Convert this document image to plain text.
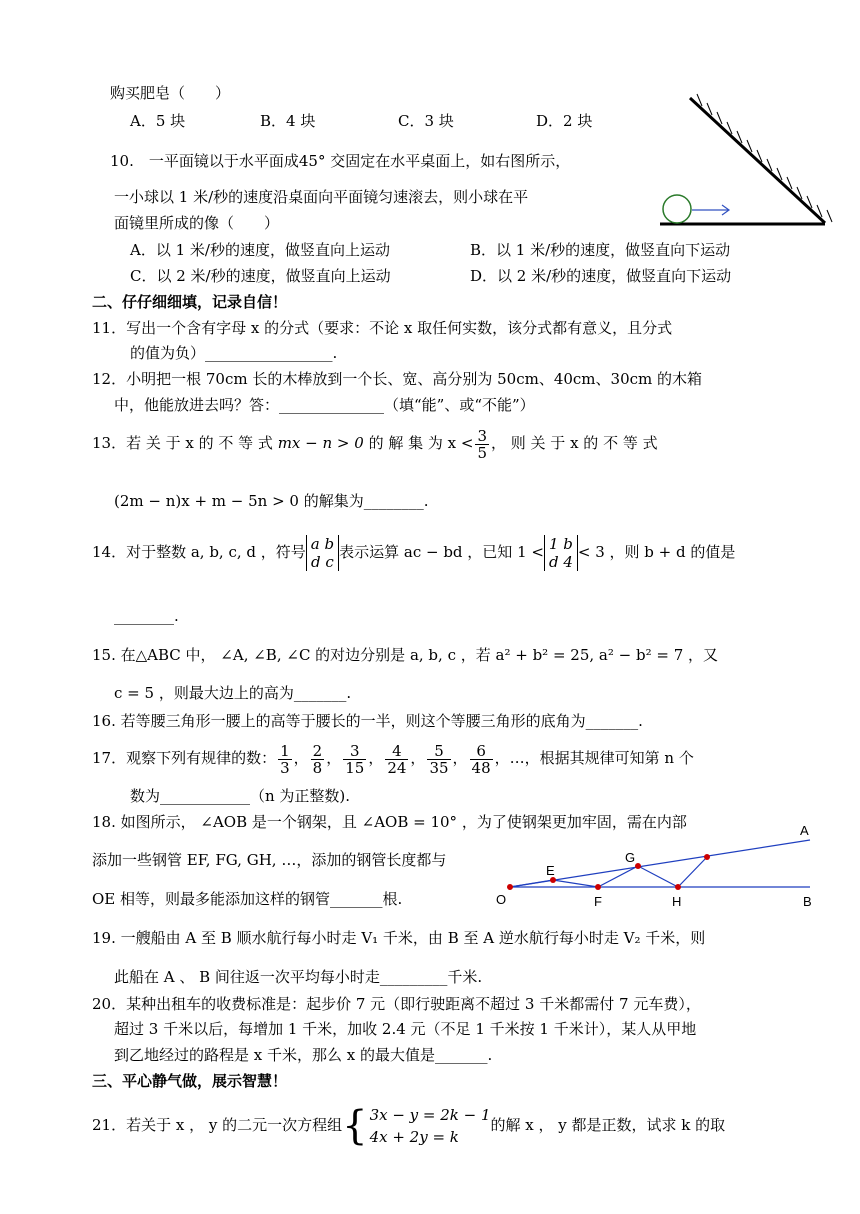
购买肥皂（　　）
A．5 块	B．4 块	C．3 块	D．2 块
10.　一平面镜以于水平面成45° 交固定在水平桌面上，如右图所示，
一小球以 1 米/秒的速度沿桌面向平面镜匀速滚去，则小球在平
面镜里所成的像（　　）
A．以 1 米/秒的速度，做竖直向上运动	B．以 1 米/秒的速度，做竖直向下运动
C．以 2 米/秒的速度，做竖直向上运动	D．以 2 米/秒的速度，做竖直向下运动
二、仔仔细细填，记录自信！
11．写出一个含有字母 x 的分式（要求：不论 x 取任何实数，该分式都有意义，且分式
的值为负）_________________.
12．小明把一根 70cm 长的木棒放到一个长、宽、高分别为 50cm、40cm、30cm 的木箱
中，他能放进去吗？答：______________（填“能”、或“不能”）
13．若 关 于 x 的 不 等 式 mx − n > 0 的 解 集 为 $x < \frac{3}{5}$ ， 则 关 于 x 的 不 等 式
(2m − n)x + m − 5n > 0 的解集为________.
14．对于整数 a, b, c, d ，符号 a b
d c
表示运算 ac − bd ，已知 1 < 1 b
d 4
< 3 ，则 b + d 的值是
________.
15. 在△ABC 中， ∠A, ∠B, ∠C 的对边分别是 a, b, c ，若 a² + b² = 25, a² − b² = 7 ，又
c = 5 ，则最大边上的高为_______.
16. 若等腰三角形一腰上的高等于腰长的一半，则这个等腰三角形的底角为_______.
17．观察下列有规律的数： $\frac{1}{3}$ ， $\frac{2}{8}$ ， $\frac{3}{15}$ ， $\frac{4}{24}$ ， $\frac{5}{35}$ ， $\frac{6}{48}$ ，…，根据其规律可知第 n 个
数为____________（n 为正整数).
18. 如图所示， ∠AOB 是一个钢架，且 ∠AOB = 10° ，为了使钢架更加牢固，需在内部
添加一些钢管 EF, FG, GH, …，添加的钢管长度都与
OE 相等，则最多能添加这样的钢管_______根.
A
B
O
E
F
G
H
19. 一艘船由 A 至 B 顺水航行每小时走 V₁ 千米，由 B 至 A 逆水航行每小时走 V₂ 千米，则
此船在 A 、 B 间往返一次平均每小时走_________千米.
20．某种出租车的收费标准是：起步价 7 元（即行驶距离不超过 3 千米都需付 7 元车费），
超过 3 千米以后，每增加 1 千米，加收 2.4 元（不足 1 千米按 1 千米计），某人从甲地
到乙地经过的路程是 x 千米，那么 x 的最大值是_______.
三、平心静气做，展示智慧！
21．若关于 x ， y 的二元一次方程组{ 3x − y = 2k − 1
4x + 2y = k
的解 x ， y 都是正数，试求 k 的取
